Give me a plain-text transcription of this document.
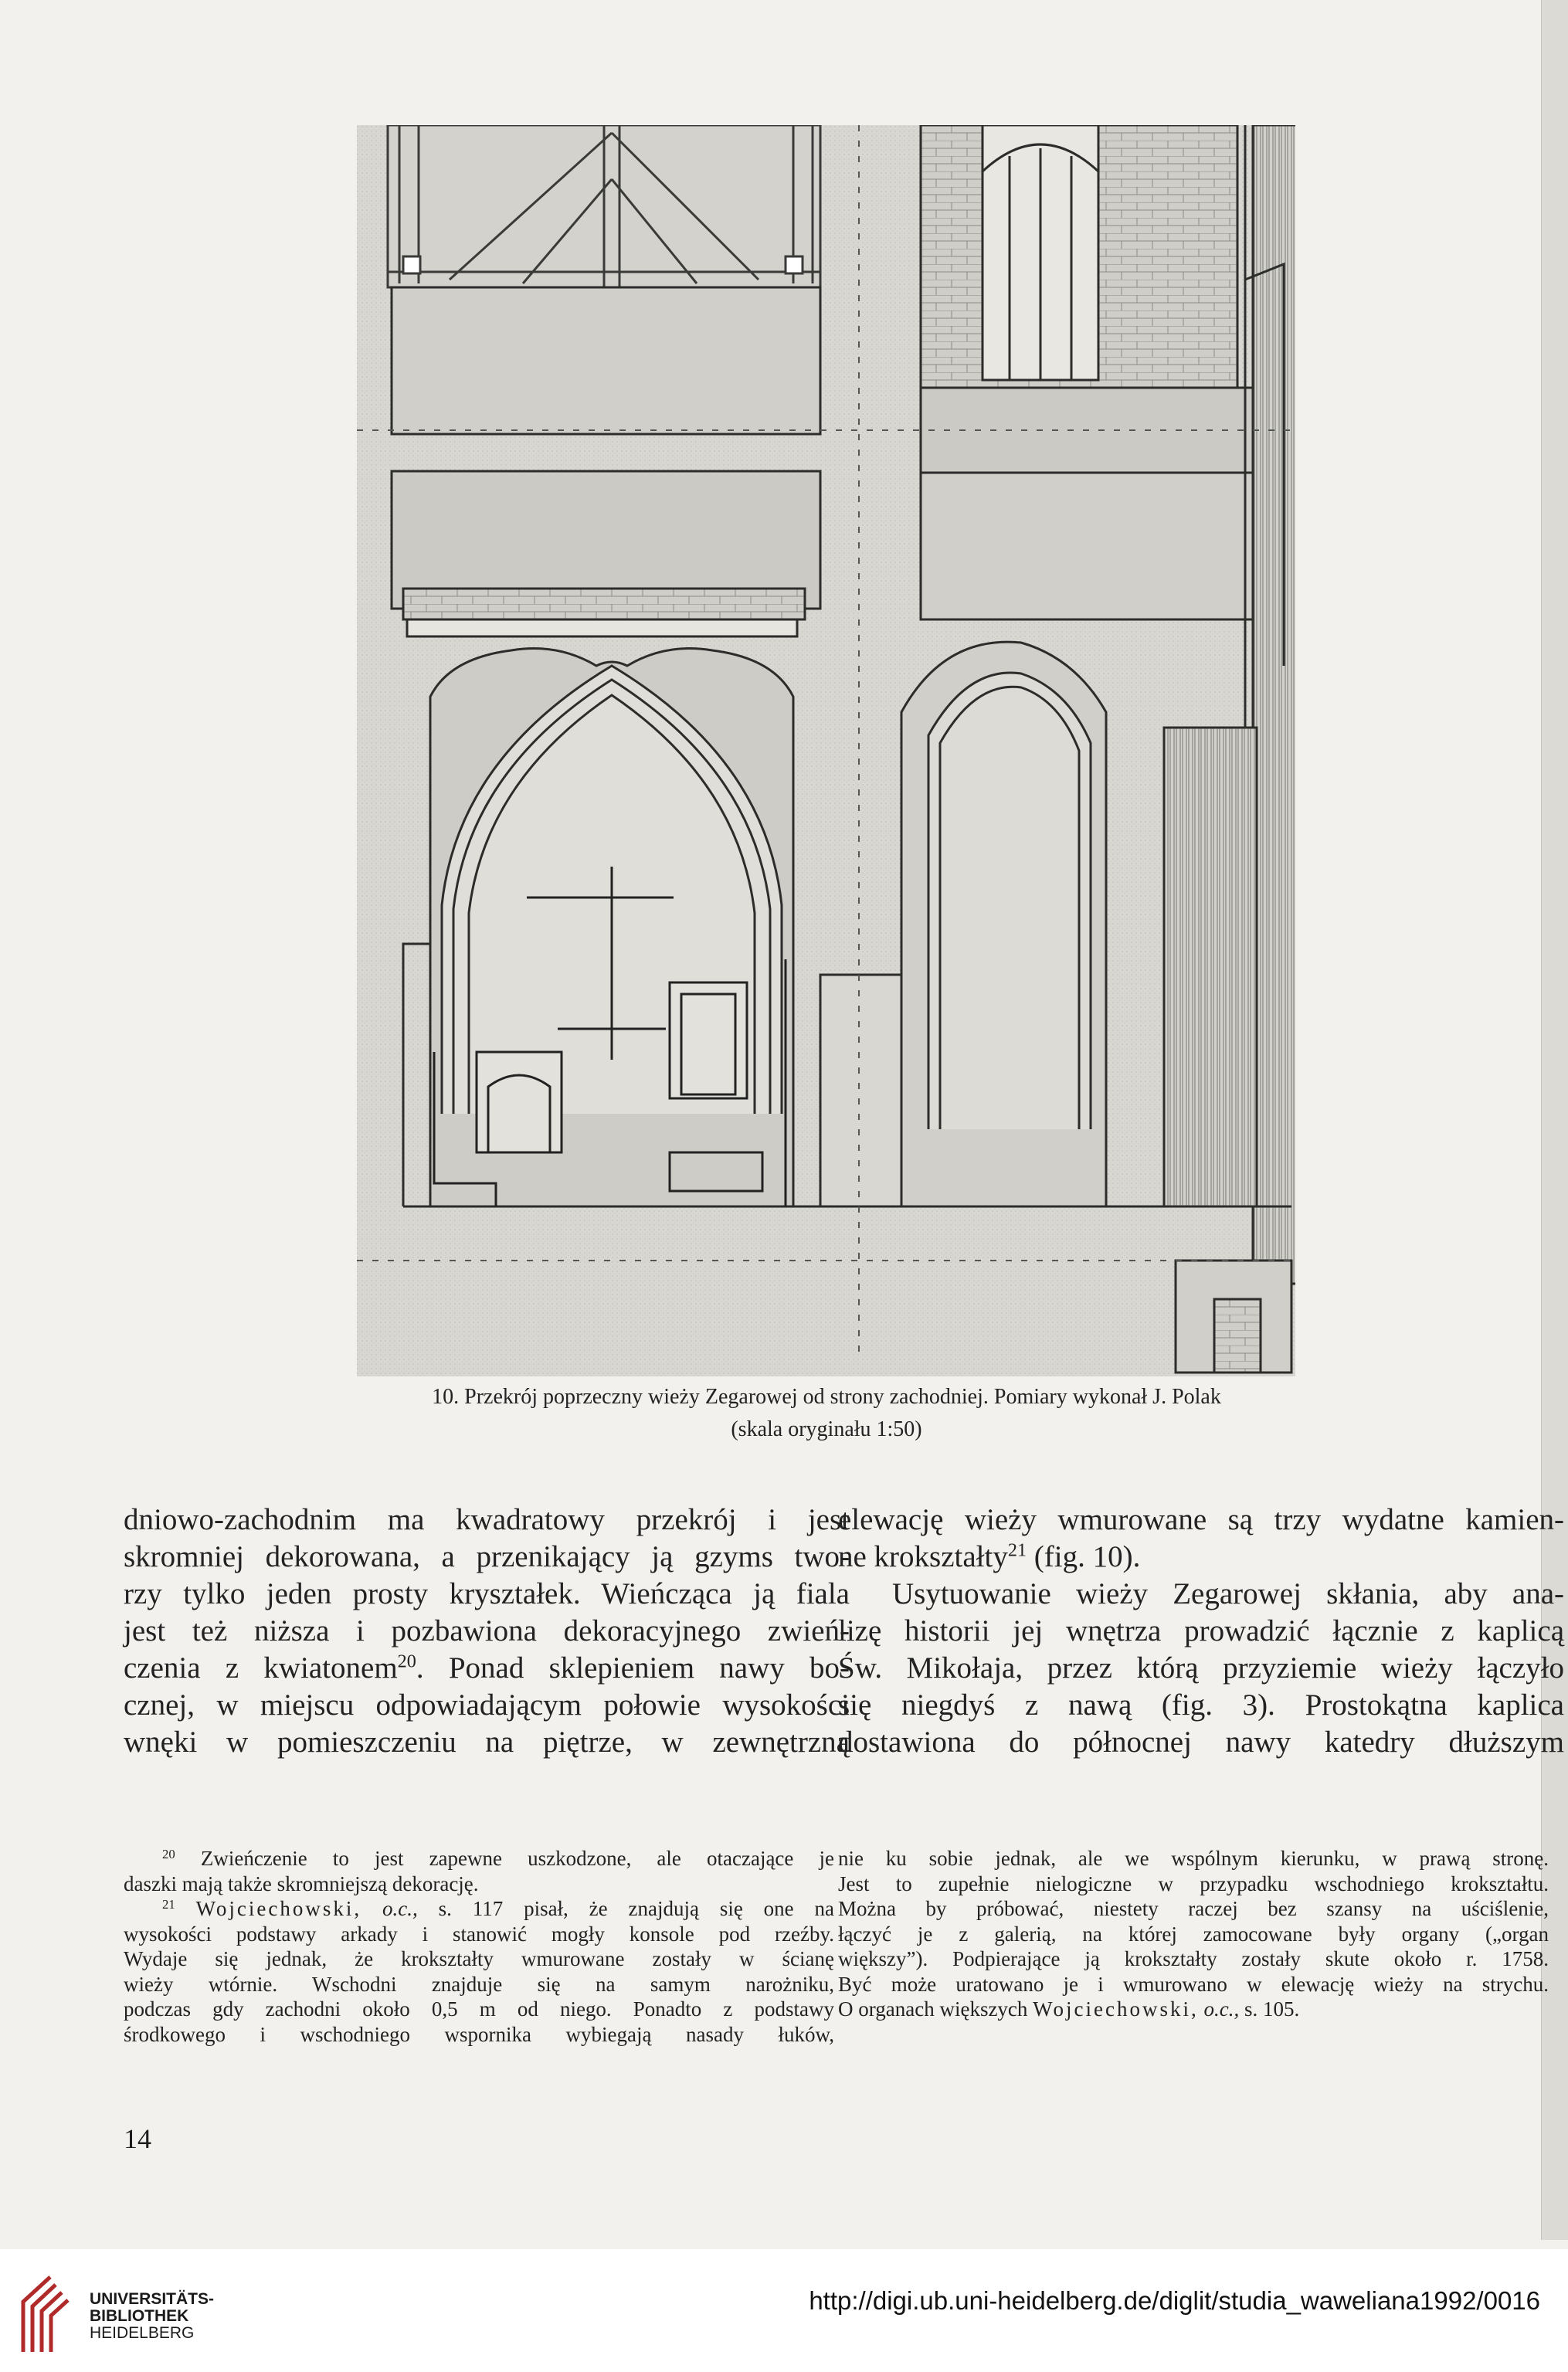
10. Przekrój poprzeczny wieży Zegarowej od strony zachodniej. Pomiary wykonał J. Polak
(skala oryginału 1:50)
dniowo-zachodnim ma kwadratowy przekrój i jest
skromniej dekorowana, a przenikający ją gzyms two-
rzy tylko jeden prosty kryształek. Wieńcząca ją fiala
jest też niższa i pozbawiona dekoracyjnego zwień-
czenia z kwiatonem$^{20}$. Ponad sklepieniem nawy bo-
cznej, w miejscu odpowiadającym połowie wysokości
wnęki w pomieszczeniu na piętrze, w zewnętrzną
elewację wieży wmurowane są trzy wydatne kamien-
ne krokształty$^{21}$ (fig. 10).
Usytuowanie wieży Zegarowej skłania, aby ana-
lizę historii jej wnętrza prowadzić łącznie z kaplicą
Św. Mikołaja, przez którą przyziemie wieży łączyło
się niegdyś z nawą (fig. 3). Prostokątna kaplica
dostawiona do północnej nawy katedry dłuższym
$^{20}$ Zwieńczenie to jest zapewne uszkodzone, ale otaczające je
daszki mają także skromniejszą dekorację.
$^{21}$ Wojciechowski, o.c., s. 117 pisał, że znajdują się one na
wysokości podstawy arkady i stanowić mogły konsole pod rzeźby.
Wydaje się jednak, że krokształty wmurowane zostały w ścianę
wieży wtórnie. Wschodni znajduje się na samym narożniku,
podczas gdy zachodni około 0,5 m od niego. Ponadto z podstawy
środkowego i wschodniego wspornika wybiegają nasady łuków,
nie ku sobie jednak, ale we wspólnym kierunku, w prawą stronę.
Jest to zupełnie nielogiczne w przypadku wschodniego krokształtu.
Można by próbować, niestety raczej bez szansy na uściślenie,
łączyć je z galerią, na której zamocowane były organy („organ
większy”). Podpierające ją krokształty zostały skute około r. 1758.
Być może uratowano je i wmurowano w elewację wieży na strychu.
O organach większych Wojciechowski, o.c., s. 105.
14
UNIVERSITÄTS-
BIBLIOTHEK
HEIDELBERG
http://digi.ub.uni-heidelberg.de/diglit/studia_waweliana1992/0016
